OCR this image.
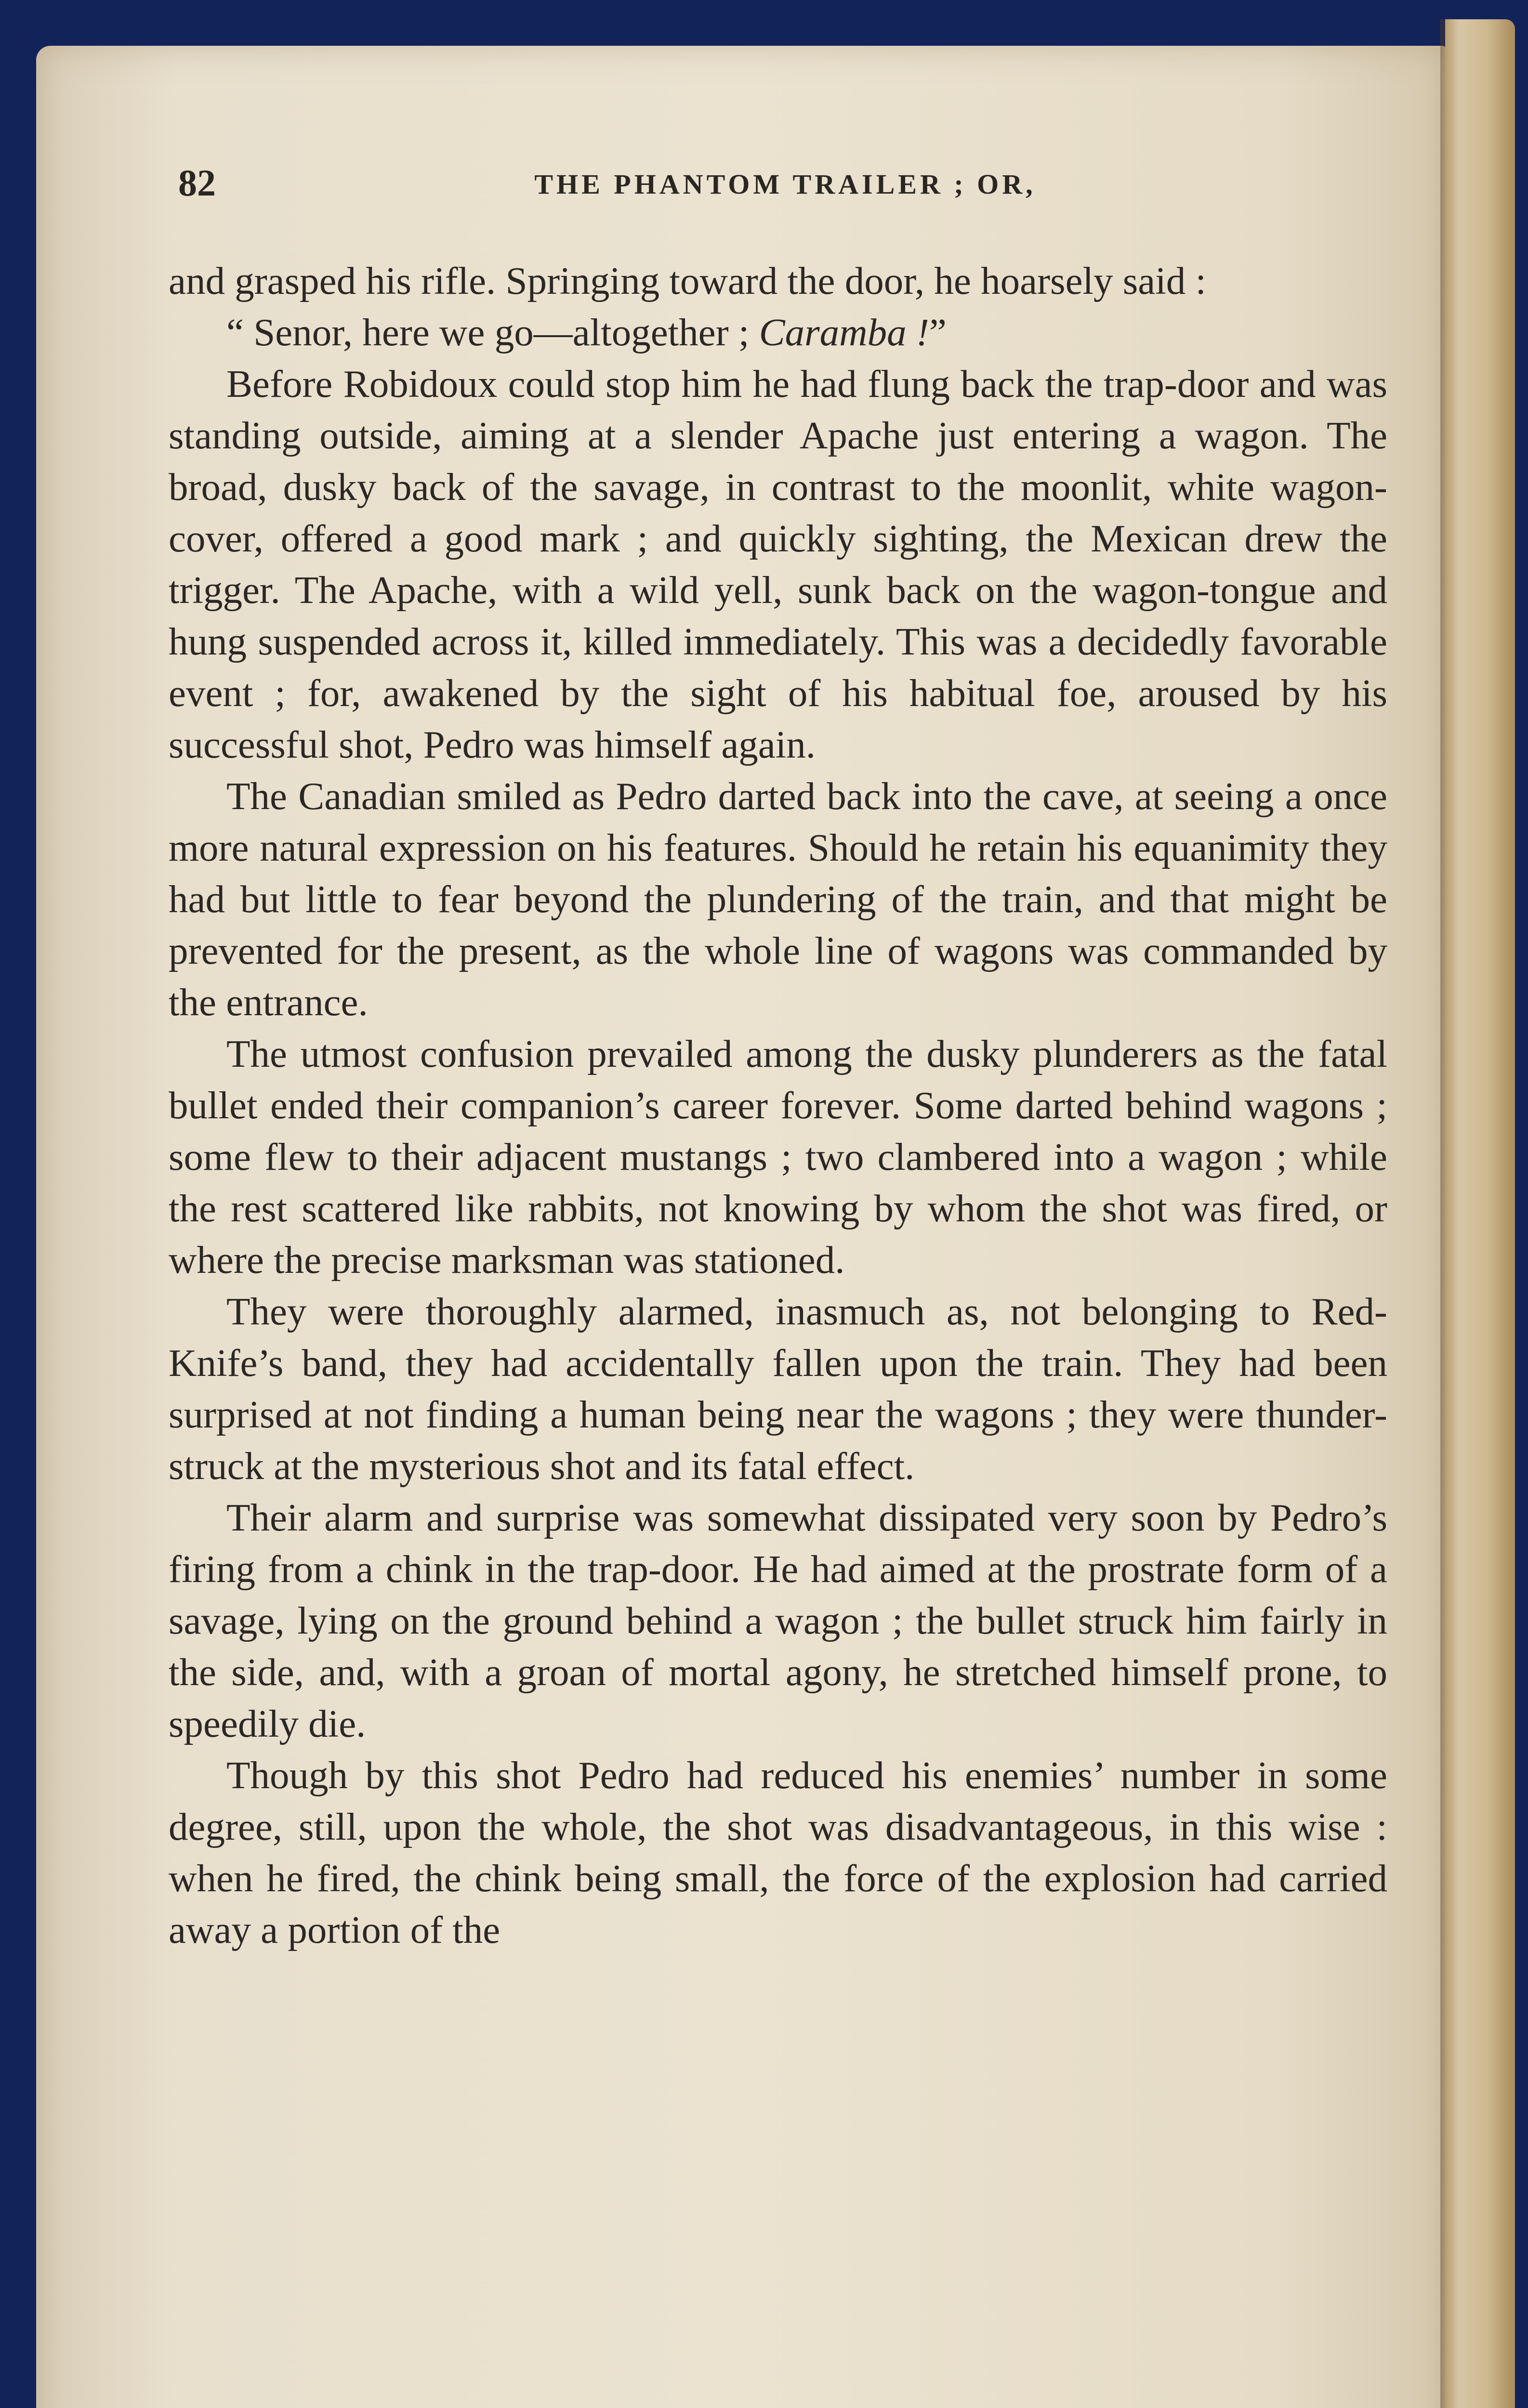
82	THE PHANTOM TRAILER ; OR,

and grasped his rifle. Springing toward the door, he hoarsely said :

“ Senor, here we go—altogether ; Caramba !”

Before Robidoux could stop him he had flung back the trap-door and was standing outside, aiming at a slender Apache just entering a wagon. The broad, dusky back of the savage, in contrast to the moonlit, white wagon-cover, offered a good mark ; and quickly sighting, the Mexican drew the trigger. The Apache, with a wild yell, sunk back on the wagon-tongue and hung suspended across it, killed immediately. This was a decidedly favorable event ; for, awakened by the sight of his habitual foe, aroused by his successful shot, Pedro was himself again.

The Canadian smiled as Pedro darted back into the cave, at seeing a once more natural expression on his features. Should he retain his equanimity they had but little to fear beyond the plundering of the train, and that might be prevented for the present, as the whole line of wagons was commanded by the entrance.

The utmost confusion prevailed among the dusky plunderers as the fatal bullet ended their companion’s career forever. Some darted behind wagons ; some flew to their adjacent mustangs ; two clambered into a wagon ; while the rest scattered like rabbits, not knowing by whom the shot was fired, or where the precise marksman was stationed.

They were thoroughly alarmed, inasmuch as, not belonging to Red-Knife’s band, they had accidentally fallen upon the train. They had been surprised at not finding a human being near the wagons ; they were thunder-struck at the mysterious shot and its fatal effect.

Their alarm and surprise was somewhat dissipated very soon by Pedro’s firing from a chink in the trap-door. He had aimed at the prostrate form of a savage, lying on the ground behind a wagon ; the bullet struck him fairly in the side, and, with a groan of mortal agony, he stretched himself prone, to speedily die.

Though by this shot Pedro had reduced his enemies’ number in some degree, still, upon the whole, the shot was disadvantageous, in this wise : when he fired, the chink being small, the force of the explosion had carried away a portion of the
